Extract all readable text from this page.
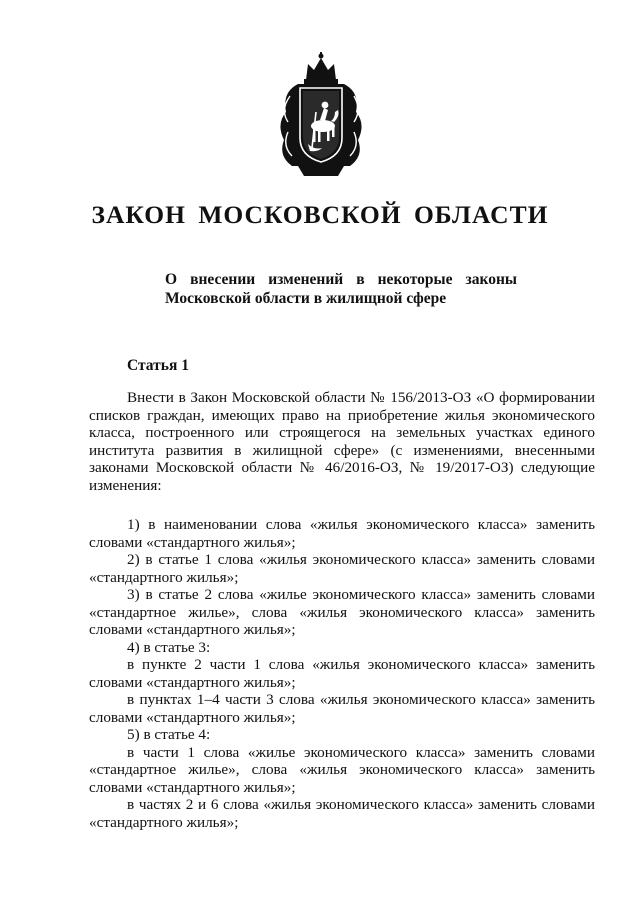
ЗАКОН МОСКОВСКОЙ ОБЛАСТИ
О внесении изменений в некоторые законы
Московской области в жилищной сфере
Статья 1

Внести в Закон Московской области № 156/2013-ОЗ «О формировании списков граждан, имеющих право на приобретение жилья экономического класса, построенного или строящегося на земельных участках единого института развития в жилищной сфере» (с изменениями, внесенными законами Московской области № 46/2016-ОЗ, № 19/2017-ОЗ) следующие изменения:

1) в наименовании слова «жилья экономического класса» заменить словами «стандартного жилья»;

2) в статье 1 слова «жилья экономического класса» заменить словами «стандартного жилья»;

3) в статье 2 слова «жилье экономического класса» заменить словами «стандартное жилье», слова «жилья экономического класса» заменить словами «стандартного жилья»;

4) в статье 3:

в пункте 2 части 1 слова «жилья экономического класса» заменить словами «стандартного жилья»;

в пунктах 1–4 части 3 слова «жилья экономического класса» заменить словами «стандартного жилья»;

5) в статье 4:

в части 1 слова «жилье экономического класса» заменить словами «стандартное жилье», слова «жилья экономического класса» заменить словами «стандартного жилья»;

в частях 2 и 6 слова «жилья экономического класса» заменить словами «стандартного жилья»;
